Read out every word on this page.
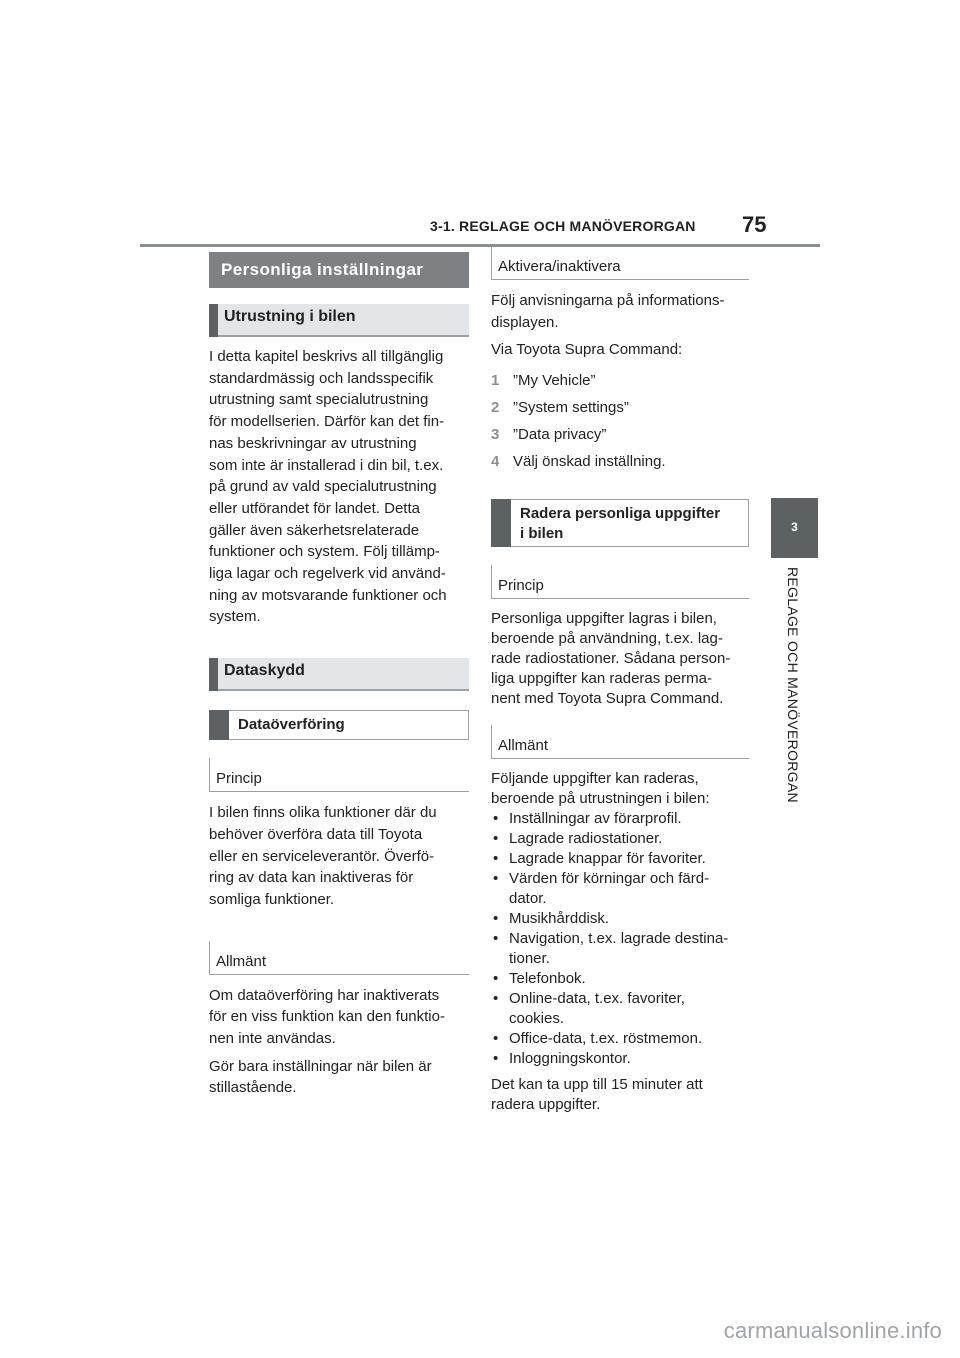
3-1. REGLAGE OCH MANÖVERORGAN 75
3
REGLAGE OCH MANÖVERORGAN
Personliga inställningar
Utrustning i bilen

I detta kapitel beskrivs all tillgänglig
standardmässig och landsspecifik
utrustning samt specialutrustning
för modellserien. Därför kan det fin-
nas beskrivningar av utrustning
som inte är installerad i din bil, t.ex.
på grund av vald specialutrustning
eller utförandet för landet. Detta
gäller även säkerhetsrelaterade
funktioner och system. Följ tillämp-
liga lagar och regelverk vid använd-
ning av motsvarande funktioner och
system.

Dataskydd
Dataöverföring
Princip

I bilen finns olika funktioner där du
behöver överföra data till Toyota
eller en serviceleverantör. Överfö-
ring av data kan inaktiveras för
somliga funktioner.

Allmänt

Om dataöverföring har inaktiverats
för en viss funktion kan den funktio-
nen inte användas.

Gör bara inställningar när bilen är
stillastående.

Aktivera/inaktivera

Följ anvisningarna på informations-
displayen.

Via Toyota Supra Command:

1 ”My Vehicle”
2 ”System settings”
3 ”Data privacy”
4 Välj önskad inställning.
Radera personliga uppgifter
i bilen
Princip

Personliga uppgifter lagras i bilen,
beroende på användning, t.ex. lag-
rade radiostationer. Sådana person-
liga uppgifter kan raderas perma-
nent med Toyota Supra Command.

Allmänt

Följande uppgifter kan raderas,
beroende på utrustningen i bilen:

• Inställningar av förarprofil.
• Lagrade radiostationer.
• Lagrade knappar för favoriter.
• Värden för körningar och färd-
dator.
• Musikhårddisk.
• Navigation, t.ex. lagrade destina-
tioner.
• Telefonbok.
• Online-data, t.ex. favoriter,
cookies.
• Office-data, t.ex. röstmemon.
• Inloggningskontor.

Det kan ta upp till 15 minuter att
radera uppgifter.

carmanualsonline.info
